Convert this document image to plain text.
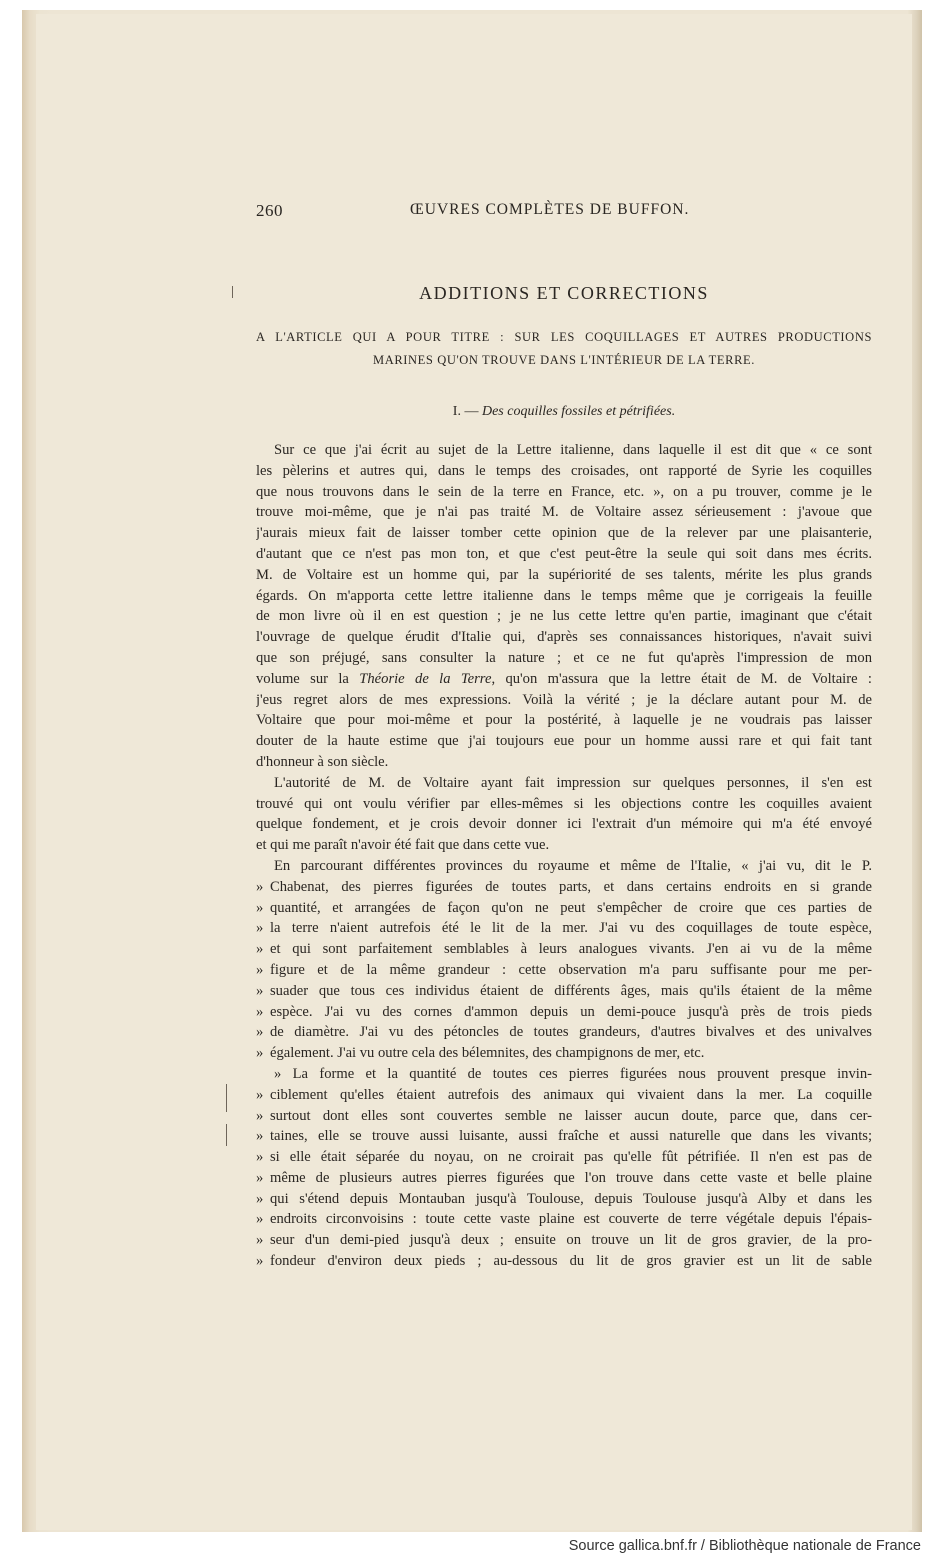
260	ŒUVRES COMPLÈTES DE BUFFON.
ADDITIONS ET CORRECTIONS
A L'ARTICLE QUI A POUR TITRE : SUR LES COQUILLAGES ET AUTRES PRODUCTIONS
MARINES QU'ON TROUVE DANS L'INTÉRIEUR DE LA TERRE.
I. — Des coquilles fossiles et pétrifiées.
Sur ce que j'ai écrit au sujet de la Lettre italienne, dans laquelle il est dit que « ce sont
les pèlerins et autres qui, dans le temps des croisades, ont rapporté de Syrie les coquilles
que nous trouvons dans le sein de la terre en France, etc. », on a pu trouver, comme je le
trouve moi-même, que je n'ai pas traité M. de Voltaire assez sérieusement : j'avoue que
j'aurais mieux fait de laisser tomber cette opinion que de la relever par une plaisanterie,
d'autant que ce n'est pas mon ton, et que c'est peut-être la seule qui soit dans mes écrits.
M. de Voltaire est un homme qui, par la supériorité de ses talents, mérite les plus grands
égards. On m'apporta cette lettre italienne dans le temps même que je corrigeais la feuille
de mon livre où il en est question ; je ne lus cette lettre qu'en partie, imaginant que c'était
l'ouvrage de quelque érudit d'Italie qui, d'après ses connaissances historiques, n'avait suivi
que son préjugé, sans consulter la nature ; et ce ne fut qu'après l'impression de mon
volume sur la Théorie de la Terre, qu'on m'assura que la lettre était de M. de Voltaire :
j'eus regret alors de mes expressions. Voilà la vérité ; je la déclare autant pour M. de
Voltaire que pour moi-même et pour la postérité, à laquelle je ne voudrais pas laisser
douter de la haute estime que j'ai toujours eue pour un homme aussi rare et qui fait tant
d'honneur à son siècle.
L'autorité de M. de Voltaire ayant fait impression sur quelques personnes, il s'en est
trouvé qui ont voulu vérifier par elles-mêmes si les objections contre les coquilles avaient
quelque fondement, et je crois devoir donner ici l'extrait d'un mémoire qui m'a été envoyé
et qui me paraît n'avoir été fait que dans cette vue.
En parcourant différentes provinces du royaume et même de l'Italie, « j'ai vu, dit le P.
» Chabenat, des pierres figurées de toutes parts, et dans certains endroits en si grande
» quantité, et arrangées de façon qu'on ne peut s'empêcher de croire que ces parties de
» la terre n'aient autrefois été le lit de la mer. J'ai vu des coquillages de toute espèce,
» et qui sont parfaitement semblables à leurs analogues vivants. J'en ai vu de la même
» figure et de la même grandeur : cette observation m'a paru suffisante pour me per-
» suader que tous ces individus étaient de différents âges, mais qu'ils étaient de la même
» espèce. J'ai vu des cornes d'ammon depuis un demi-pouce jusqu'à près de trois pieds
» de diamètre. J'ai vu des pétoncles de toutes grandeurs, d'autres bivalves et des univalves
» également. J'ai vu outre cela des bélemnites, des champignons de mer, etc.
» La forme et la quantité de toutes ces pierres figurées nous prouvent presque invin-
» ciblement qu'elles étaient autrefois des animaux qui vivaient dans la mer. La coquille
» surtout dont elles sont couvertes semble ne laisser aucun doute, parce que, dans cer-
» taines, elle se trouve aussi luisante, aussi fraîche et aussi naturelle que dans les vivants;
» si elle était séparée du noyau, on ne croirait pas qu'elle fût pétrifiée. Il n'en est pas de
» même de plusieurs autres pierres figurées que l'on trouve dans cette vaste et belle plaine
» qui s'étend depuis Montauban jusqu'à Toulouse, depuis Toulouse jusqu'à Alby et dans les
» endroits circonvoisins : toute cette vaste plaine est couverte de terre végétale depuis l'épais-
» seur d'un demi-pied jusqu'à deux ; ensuite on trouve un lit de gros gravier, de la pro-
» fondeur d'environ deux pieds ; au-dessous du lit de gros gravier est un lit de sable
Source gallica.bnf.fr / Bibliothèque nationale de France
